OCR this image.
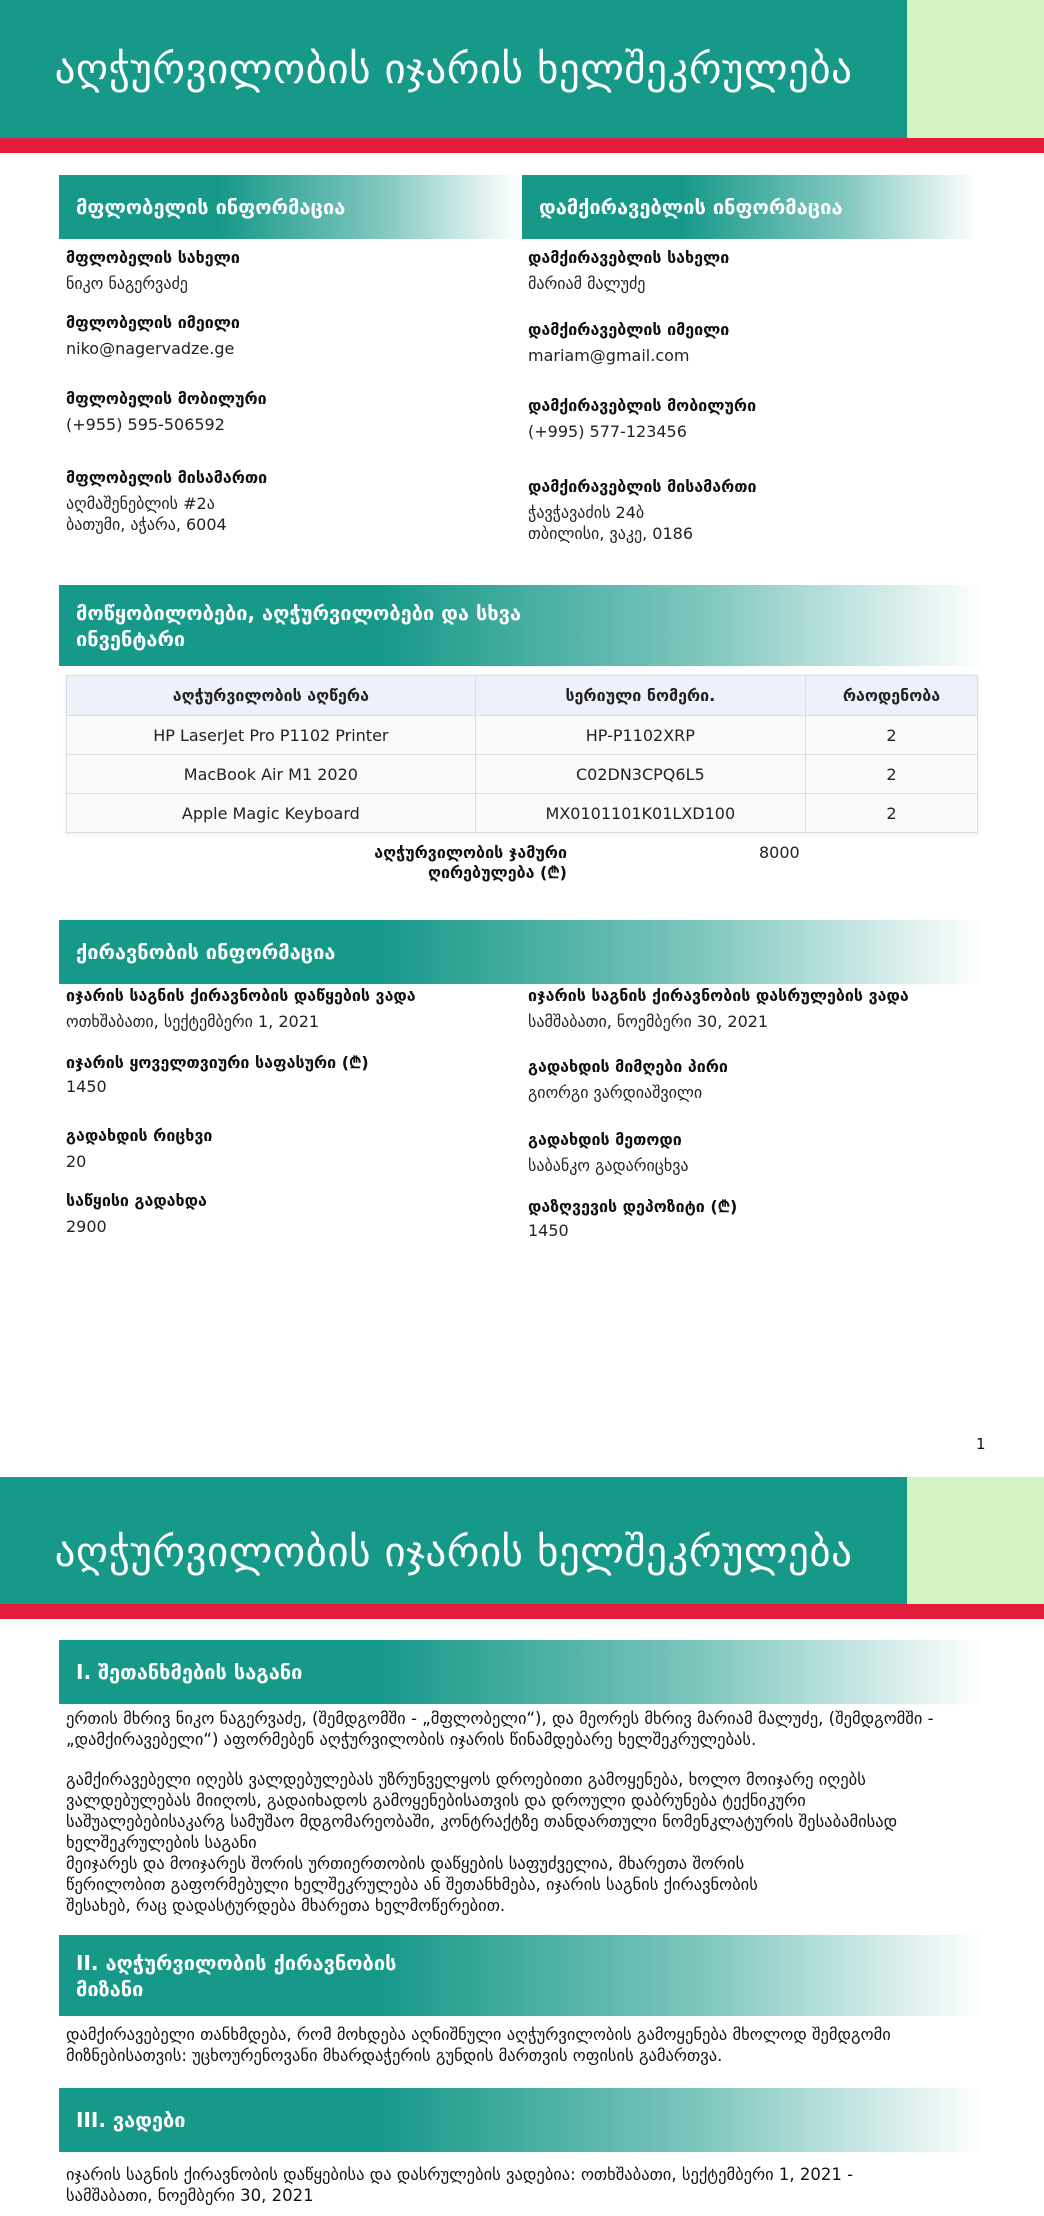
აღჭურვილობის იჯარის ხელშეკრულება
მფლობელის ინფორმაცია	დამქირავებლის ინფორმაცია
მფლობელის სახელი
ნიკო ნაგერვაძე
მფლობელის იმეილი
niko@nagervadze.ge
მფლობელის მობილური
(+955) 595-506592
მფლობელის მისამართი
აღმაშენებლის #2ა
ბათუმი, აჭარა, 6004
დამქირავებლის სახელი
მარიამ მალუძე
დამქირავებლის იმეილი
mariam@gmail.com
დამქირავებლის მობილური
(+995) 577-123456
დამქირავებლის მისამართი
ჭავჭავაძის 24ბ
თბილისი, ვაკე, 0186
მოწყობილობები, აღჭურვილობები და სხვა ინვენტარი
აღჭურვილობის აღწერა	სერიული ნომერი.	რაოდენობა
HP LaserJet Pro P1102 Printer	HP-P1102XRP	2
MacBook Air M1 2020	C02DN3CPQ6L5	2
Apple Magic Keyboard	MX0101101K01LXD100	2
აღჭურვილობის ჯამური
ღირებულება (₾)
8000
ქირავნობის ინფორმაცია
იჯარის საგნის ქირავნობის დაწყების ვადა
ოთხშაბათი, სექტემბერი 1, 2021
იჯარის ყოველთვიური საფასური (₾)
1450
გადახდის რიცხვი
20
საწყისი გადახდა
2900
იჯარის საგნის ქირავნობის დასრულების ვადა
სამშაბათი, ნოემბერი 30, 2021
გადახდის მიმღები პირი
გიორგი ვარდიაშვილი
გადახდის მეთოდი
საბანკო გადარიცხვა
დაზღვევის დეპოზიტი (₾)
1450
1
აღჭურვილობის იჯარის ხელშეკრულება
I. შეთანხმების საგანი
ერთის მხრივ ნიკო ნაგერვაძე, (შემდგომში - „მფლობელი“), და მეორეს მხრივ მარიამ მალუძე, (შემდგომში -
„დამქირავებელი“) აფორმებენ აღჭურვილობის იჯარის წინამდებარე ხელშეკრულებას.
გამქირავებელი იღებს ვალდებულებას უზრუნველყოს დროებითი გამოყენება, ხოლო მოიჯარე იღებს
ვალდებულებას მიიღოს, გადაიხადოს გამოყენებისათვის და დროული დაბრუნება ტექნიკური
საშუალებებისაკარგ სამუშაო მდგომარეობაში, კონტრაქტზე თანდართული ნომენკლატურის შესაბამისად
ხელშეკრულების საგანი
მეიჯარეს და მოიჯარეს შორის ურთიერთობის დაწყების საფუძველია, მხარეთა შორის
წერილობით გაფორმებული ხელშეკრულება ან შეთანხმება, იჯარის საგნის ქირავნობის
შესახებ, რაც დადასტურდება მხარეთა ხელმოწერებით.
II. აღჭურვილობის ქირავნობის
მიზანი
დამქირავებელი თანხმდება, რომ მოხდება აღნიშნული აღჭურვილობის გამოყენება მხოლოდ შემდგომი
მიზნებისათვის: უცხოურენოვანი მხარდაჭერის გუნდის მართვის ოფისის გამართვა.
III. ვადები
იჯარის საგნის ქირავნობის დაწყებისა და დასრულების ვადებია: ოთხშაბათი, სექტემბერი 1, 2021 -
სამშაბათი, ნოემბერი 30, 2021
